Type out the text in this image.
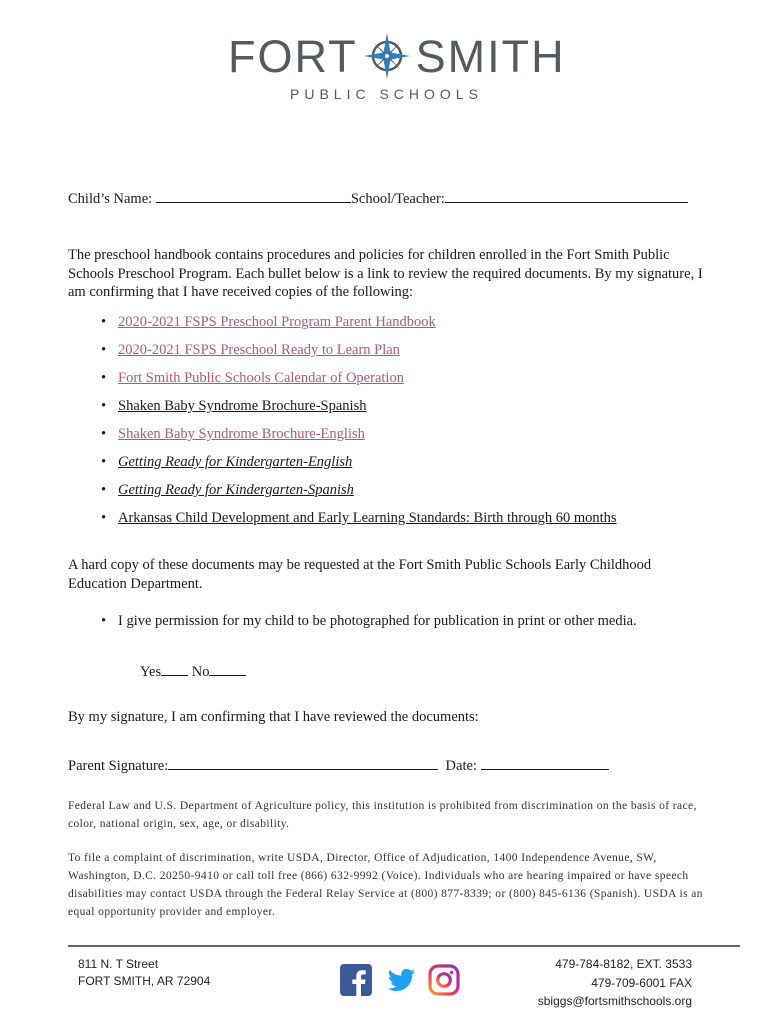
FORT SMITH
PUBLIC SCHOOLS
Child’s Name:	School/Teacher:
The preschool handbook contains procedures and policies for children enrolled in the Fort Smith Public Schools Preschool Program. Each bullet below is a link to review the required documents. By my signature, I am confirming that I have received copies of the following:
• 2020-2021 FSPS Preschool Program Parent Handbook
• 2020-2021 FSPS Preschool Ready to Learn Plan
• Fort Smith Public Schools Calendar of Operation
• Shaken Baby Syndrome Brochure-Spanish
• Shaken Baby Syndrome Brochure-English
• Getting Ready for Kindergarten-English
• Getting Ready for Kindergarten-Spanish
• Arkansas Child Development and Early Learning Standards: Birth through 60 months
A hard copy of these documents may be requested at the Fort Smith Public Schools Early Childhood Education Department.
• I give permission for my child to be photographed for publication in print or other media.
Yes No
By my signature, I am confirming that I have reviewed the documents:
Parent Signature:	Date:
Federal Law and U.S. Department of Agriculture policy, this institution is prohibited from discrimination on the basis of race, color, national origin, sex, age, or disability.
To file a complaint of discrimination, write USDA, Director, Office of Adjudication, 1400 Independence Avenue, SW, Washington, D.C. 20250-9410 or call toll free (866) 632-9992 (Voice). Individuals who are hearing impaired or have speech disabilities may contact USDA through the Federal Relay Service at (800) 877-8339; or (800) 845-6136 (Spanish). USDA is an equal opportunity provider and employer.
811 N. T Street
FORT SMITH, AR 72904
479-784-8182, EXT. 3533
479-709-6001 FAX
sbiggs@fortsmithschools.org
